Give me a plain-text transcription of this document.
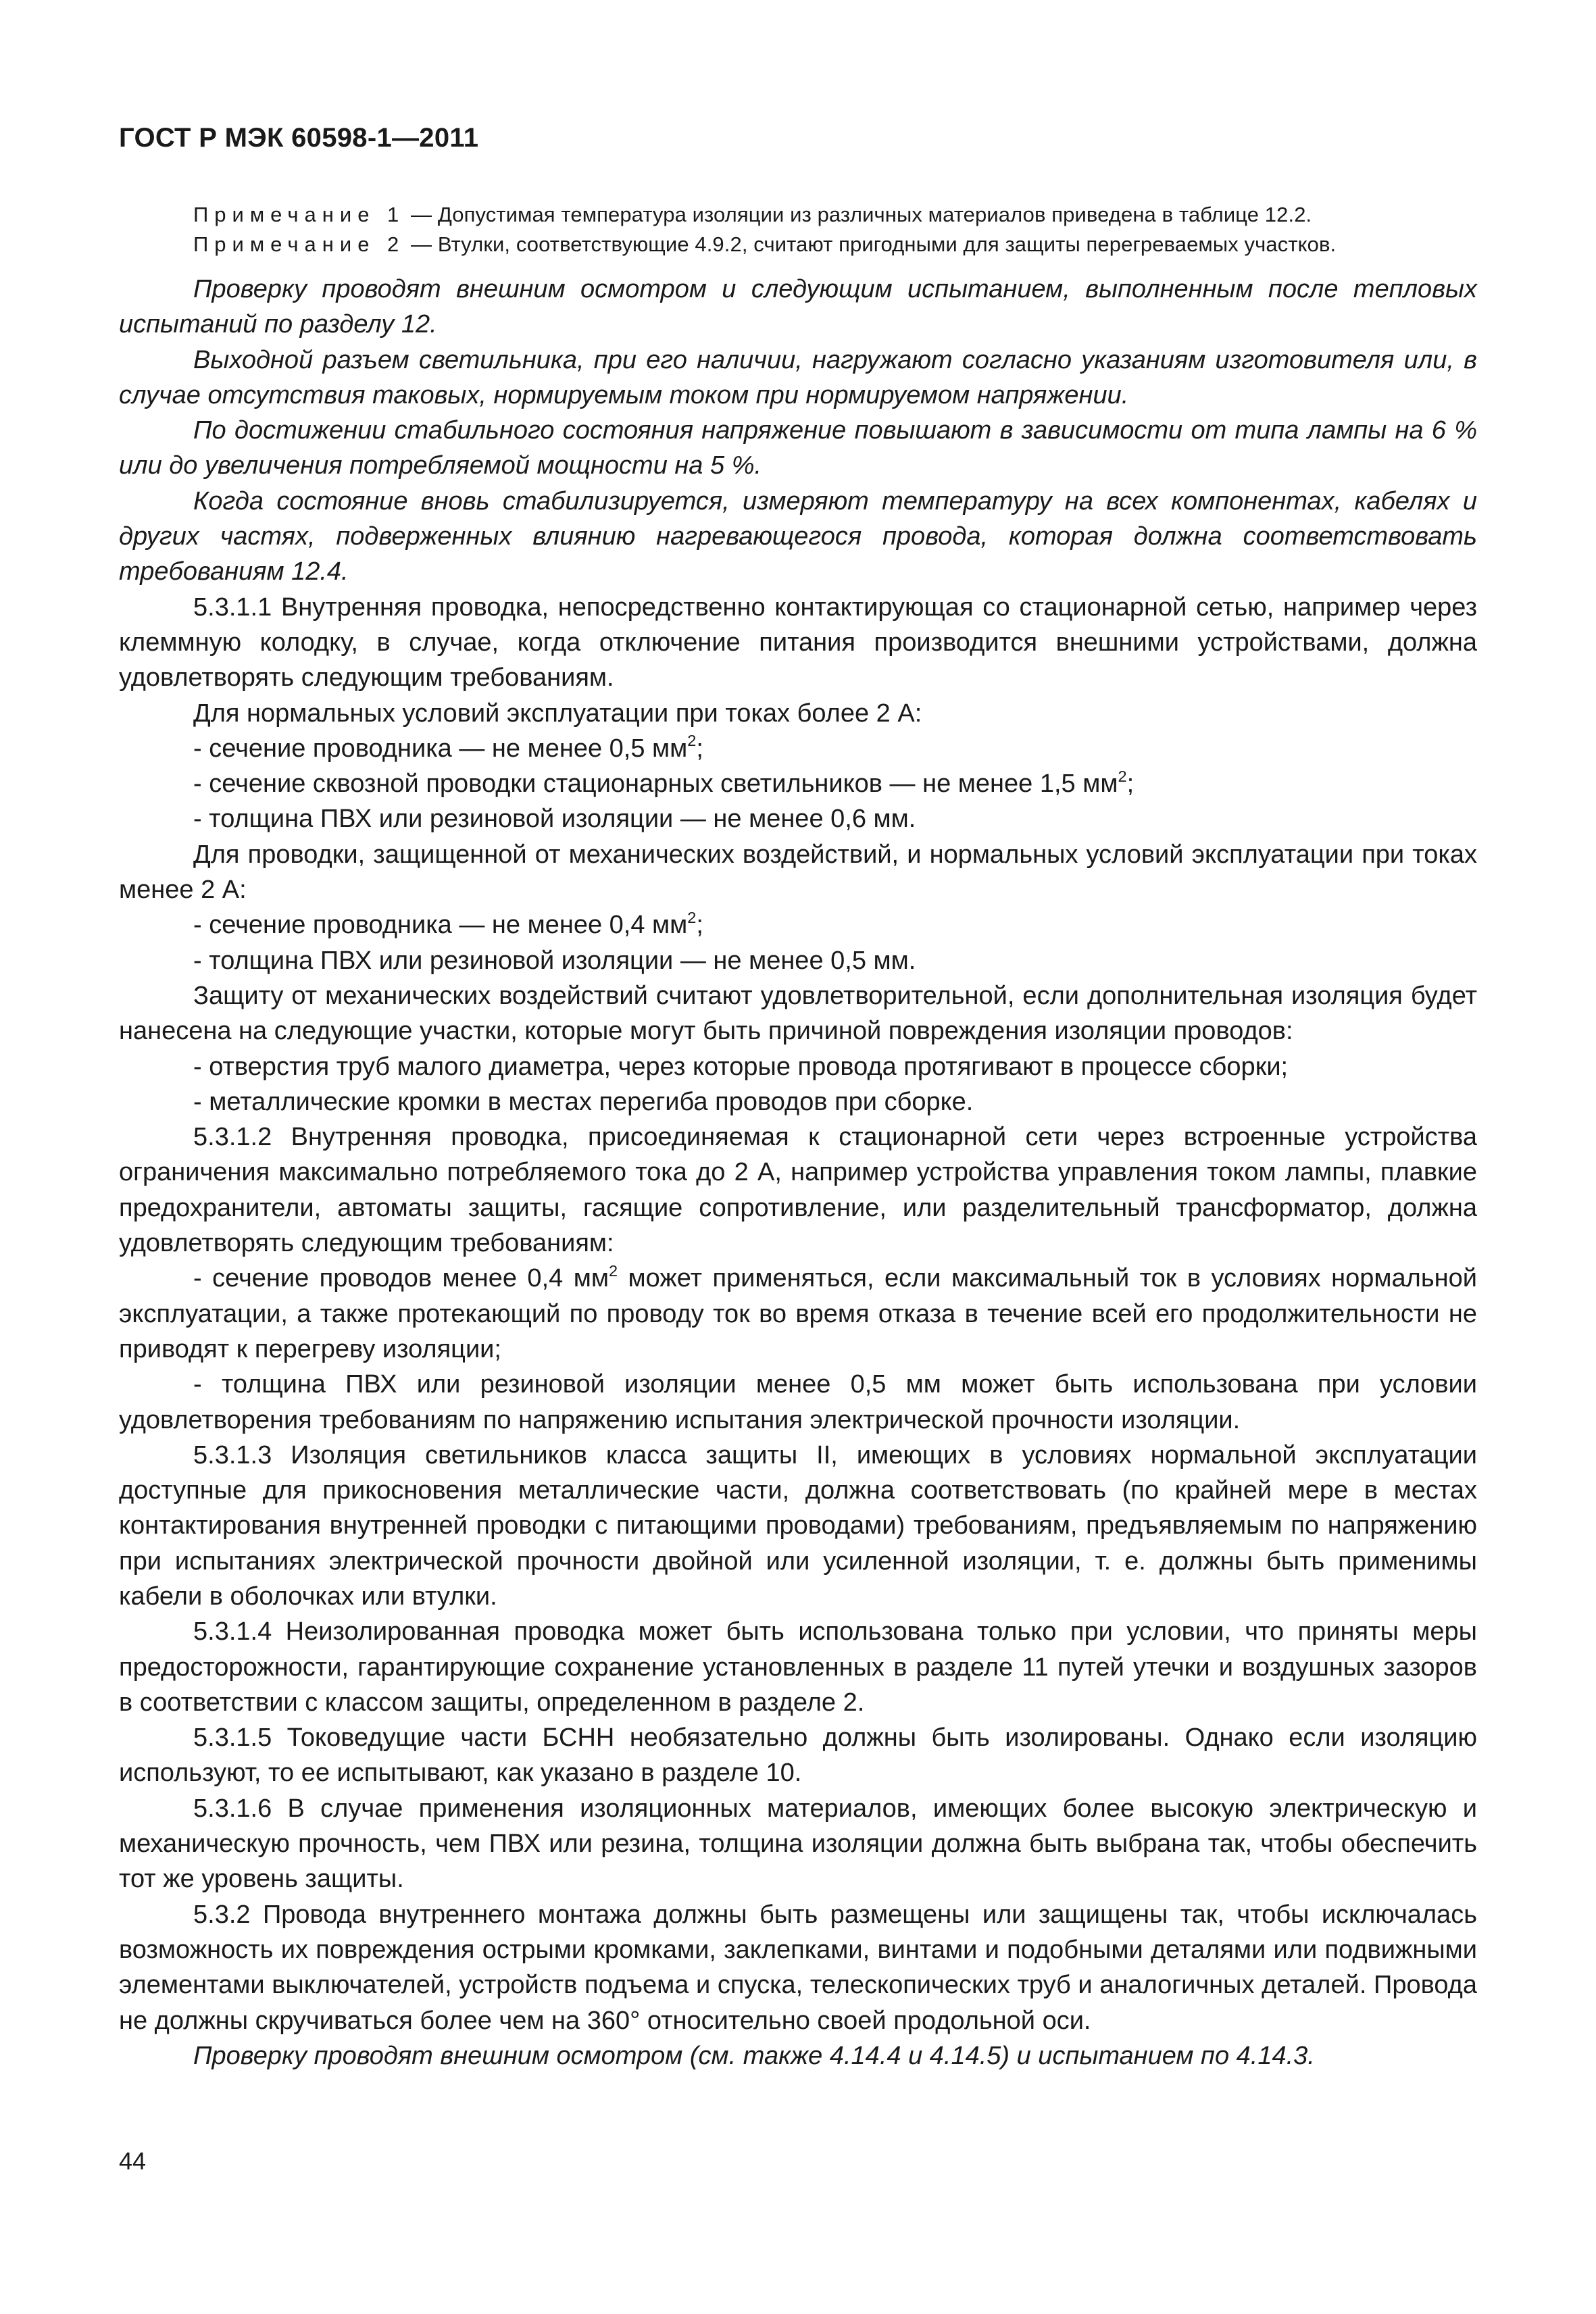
ГОСТ Р МЭК 60598-1—2011

Примечание 1 — Допустимая температура изоляции из различных материалов приведена в таблице 12.2.

Примечание 2 — Втулки, соответствующие 4.9.2, считают пригодными для защиты перегреваемых участков.

Проверку проводят внешним осмотром и следующим испытанием, выполненным после тепловых испытаний по разделу 12.

Выходной разъем светильника, при его наличии, нагружают согласно указаниям изготовителя или, в случае отсутствия таковых, нормируемым током при нормируемом напряжении.

По достижении стабильного состояния напряжение повышают в зависимости от типа лампы на 6 % или до увеличения потребляемой мощности на 5 %.

Когда состояние вновь стабилизируется, измеряют температуру на всех компонентах, кабелях и других частях, подверженных влиянию нагревающегося провода, которая должна соответствовать требованиям 12.4.

5.3.1.1 Внутренняя проводка, непосредственно контактирующая со стационарной сетью, например через клеммную колодку, в случае, когда отключение питания производится внешними устройствами, должна удовлетворять следующим требованиям.

Для нормальных условий эксплуатации при токах более 2 А:

- сечение проводника — не менее 0,5 $мм^2$;

- сечение сквозной проводки стационарных светильников — не менее 1,5 $мм^2$;

- толщина ПВХ или резиновой изоляции — не менее 0,6 мм.

Для проводки, защищенной от механических воздействий, и нормальных условий эксплуатации при токах менее 2 А:

- сечение проводника — не менее 0,4 $мм^2$;

- толщина ПВХ или резиновой изоляции — не менее 0,5 мм.

Защиту от механических воздействий считают удовлетворительной, если дополнительная изоляция будет нанесена на следующие участки, которые могут быть причиной повреждения изоляции проводов:

- отверстия труб малого диаметра, через которые провода протягивают в процессе сборки;

- металлические кромки в местах перегиба проводов при сборке.

5.3.1.2 Внутренняя проводка, присоединяемая к стационарной сети через встроенные устройства ограничения максимально потребляемого тока до 2 А, например устройства управления током лампы, плавкие предохранители, автоматы защиты, гасящие сопротивление, или разделительный трансформатор, должна удовлетворять следующим требованиям:

- сечение проводов менее 0,4 $мм^2$ может применяться, если максимальный ток в условиях нормальной эксплуатации, а также протекающий по проводу ток во время отказа в течение всей его продолжительности не приводят к перегреву изоляции;

- толщина ПВХ или резиновой изоляции менее 0,5 мм может быть использована при условии удовлетворения требованиям по напряжению испытания электрической прочности изоляции.

5.3.1.3 Изоляция светильников класса защиты II, имеющих в условиях нормальной эксплуатации доступные для прикосновения металлические части, должна соответствовать (по крайней мере в местах контактирования внутренней проводки с питающими проводами) требованиям, предъявляемым по напряжению при испытаниях электрической прочности двойной или усиленной изоляции, т. е. должны быть применимы кабели в оболочках или втулки.

5.3.1.4 Неизолированная проводка может быть использована только при условии, что приняты меры предосторожности, гарантирующие сохранение установленных в разделе 11 путей утечки и воздушных зазоров в соответствии с классом защиты, определенном в разделе 2.

5.3.1.5 Токоведущие части БСНН необязательно должны быть изолированы. Однако если изоляцию используют, то ее испытывают, как указано в разделе 10.

5.3.1.6 В случае применения изоляционных материалов, имеющих более высокую электрическую и механическую прочность, чем ПВХ или резина, толщина изоляции должна быть выбрана так, чтобы обеспечить тот же уровень защиты.

5.3.2 Провода внутреннего монтажа должны быть размещены или защищены так, чтобы исключалась возможность их повреждения острыми кромками, заклепками, винтами и подобными деталями или подвижными элементами выключателей, устройств подъема и спуска, телескопических труб и аналогичных деталей. Провода не должны скручиваться более чем на 360° относительно своей продольной оси.

Проверку проводят внешним осмотром (см. также 4.14.4 и 4.14.5) и испытанием по 4.14.3.

44
